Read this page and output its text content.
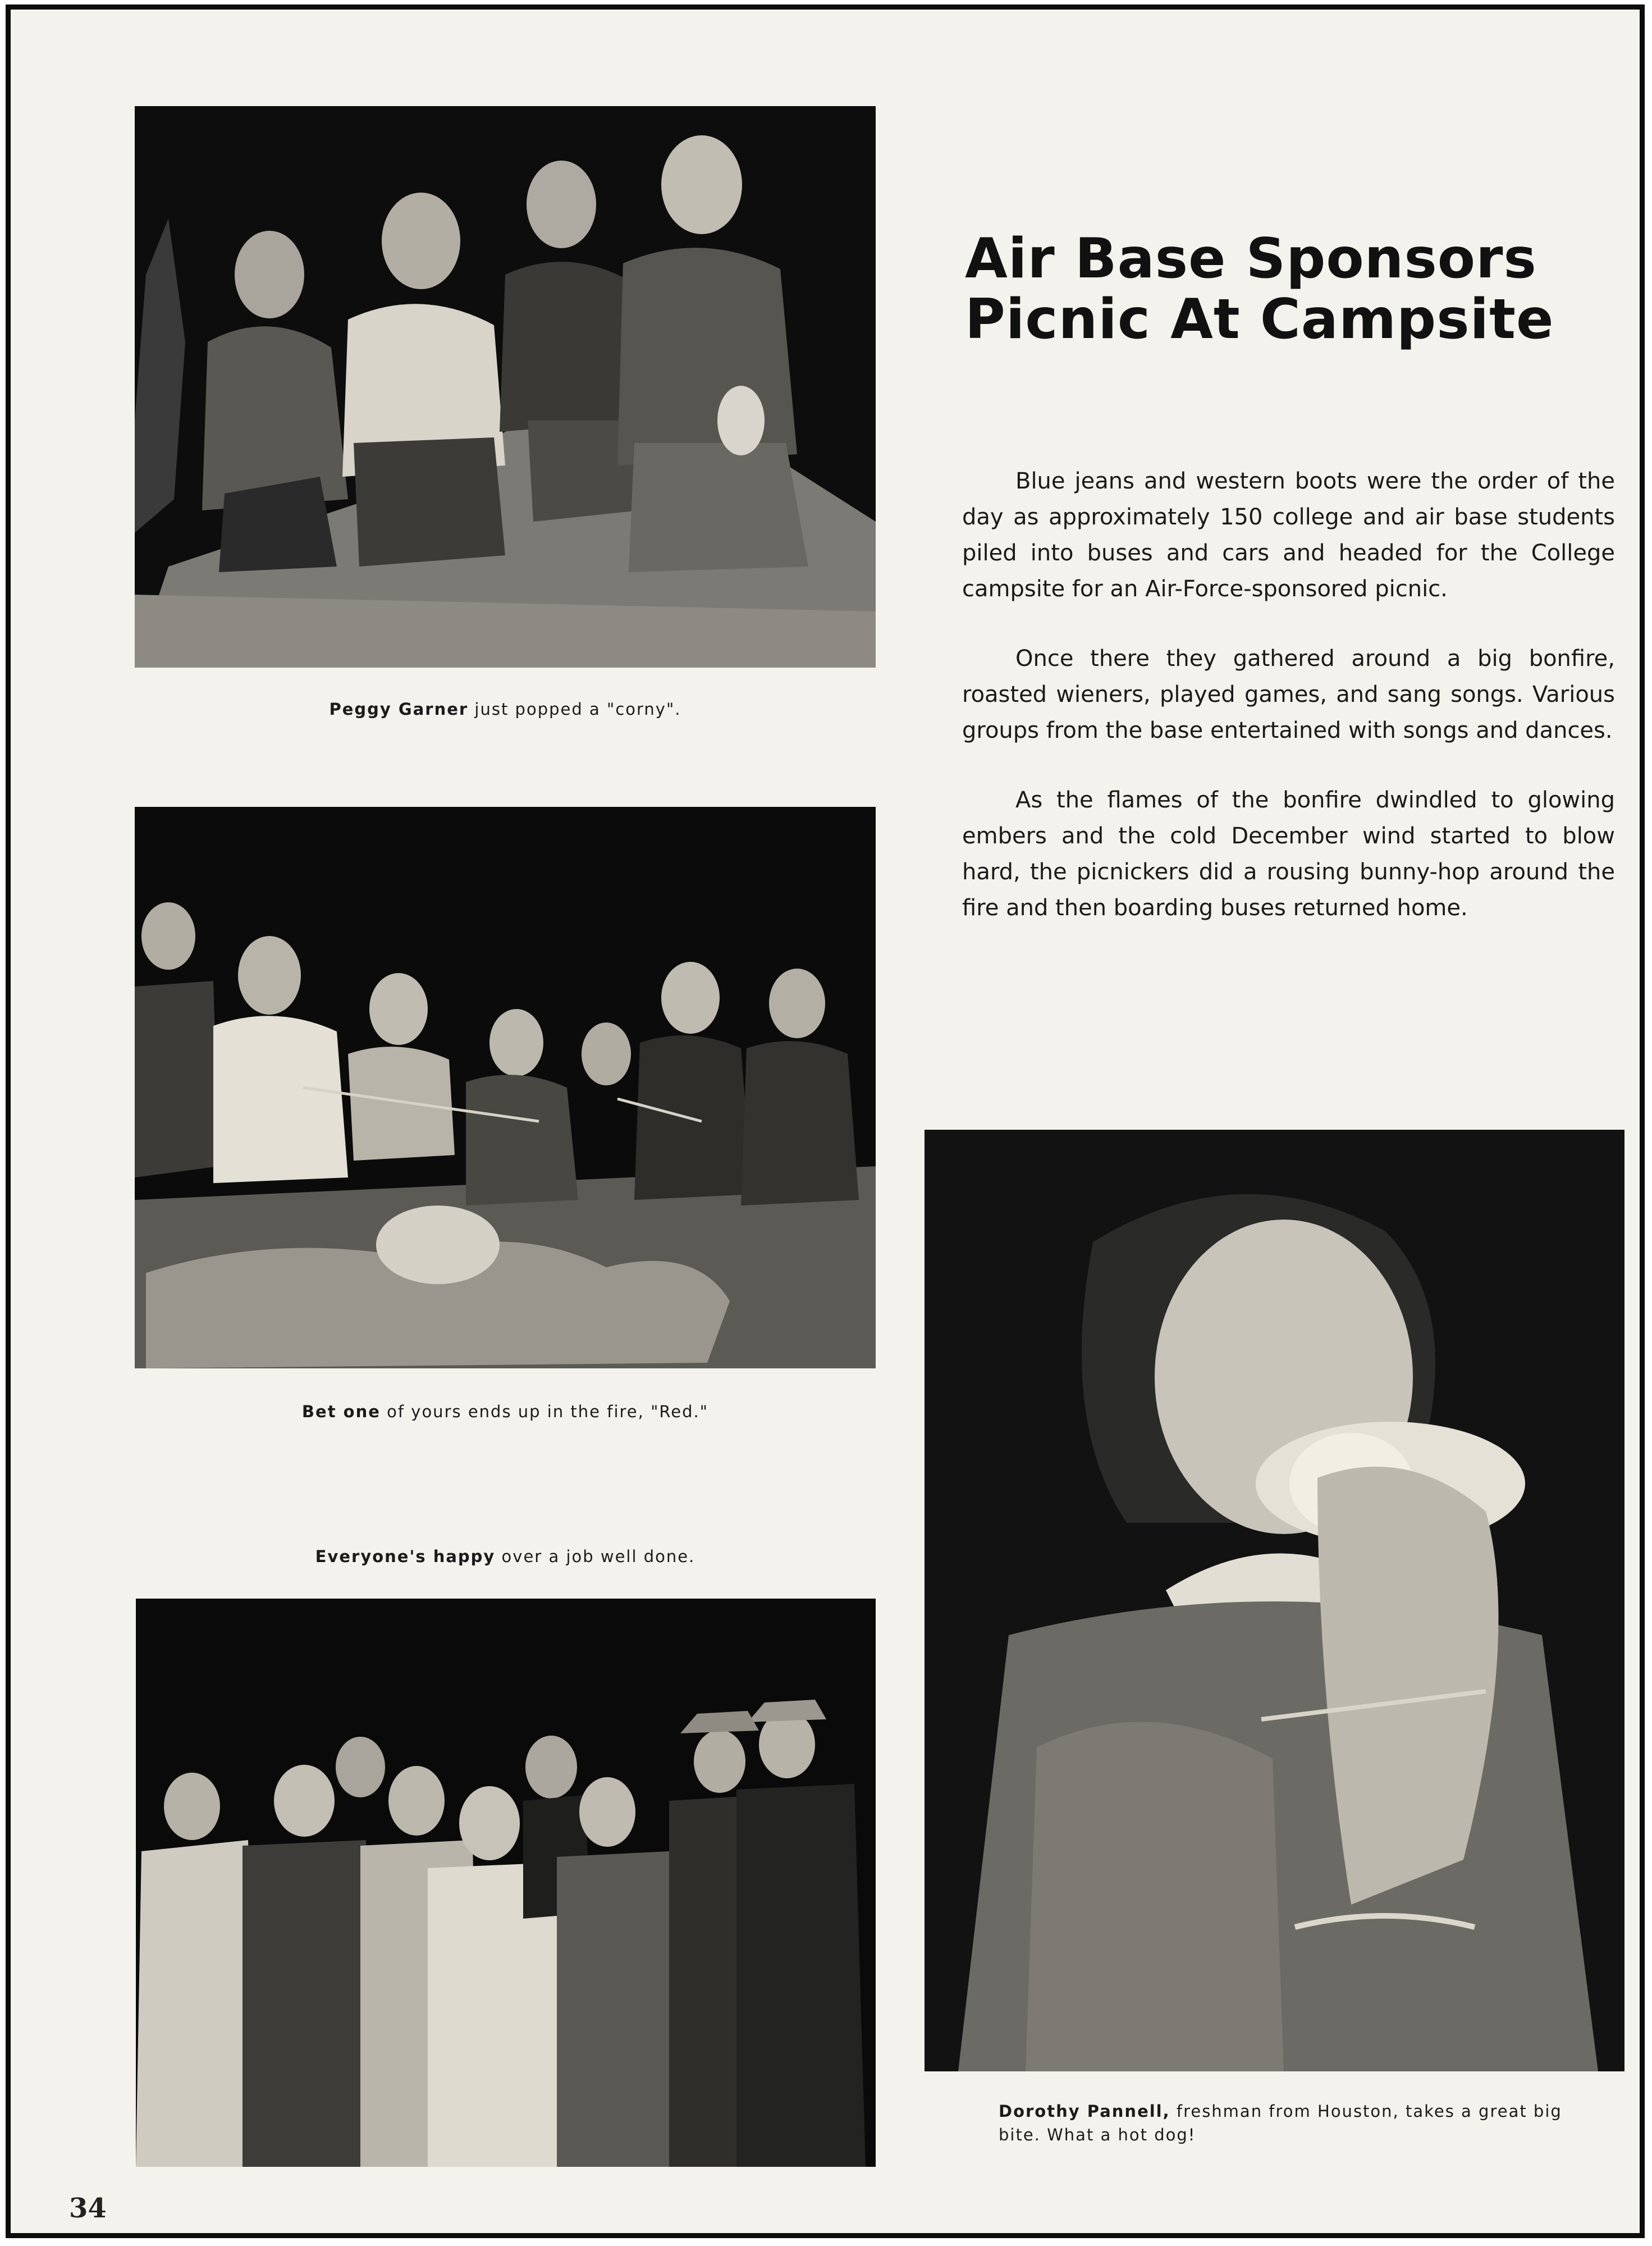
Peggy Garner just popped a "corny".
Bet one of yours ends up in the fire, "Red."
Everyone's happy over a job well done.
Air Base Sponsors
Picnic At Campsite

Blue jeans and western boots were the order of the day as approximately 150 college and air base students piled into buses and cars and headed for the College campsite for an Air-Force-sponsored picnic.

Once there they gathered around a big bonfire, roasted wieners, played games, and sang songs. Various groups from the base entertained with songs and dances.

As the flames of the bonfire dwindled to glowing embers and the cold December wind started to blow hard, the picnickers did a rousing bunny-hop around the fire and then boarding buses returned home.

Dorothy Pannell, freshman from Houston, takes a great big bite. What a hot dog!
34
